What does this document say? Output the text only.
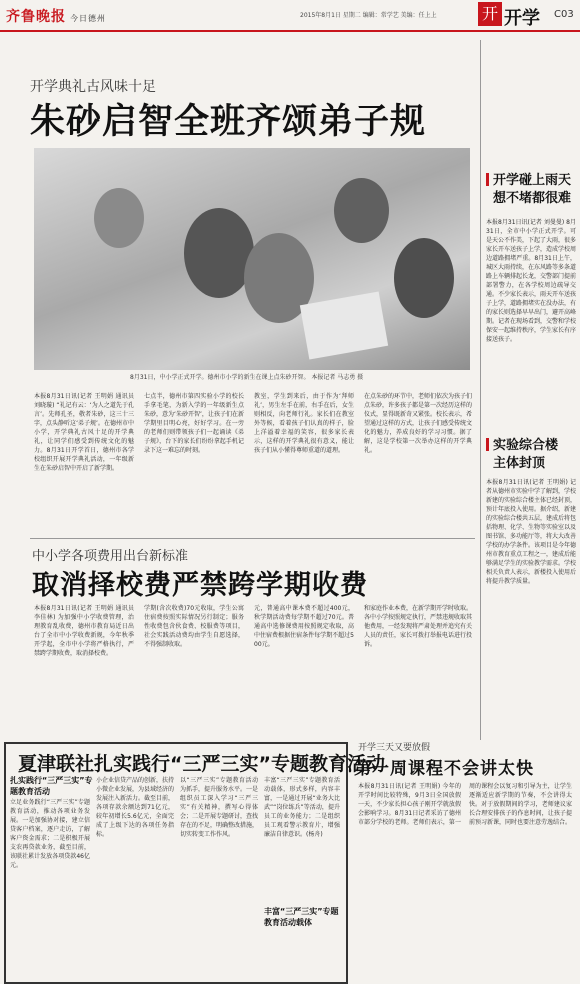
齐鲁晚报 今日德州	2015年8月1日 星期二 编辑：常学艺 美编：任上上	开 开学 C03
开学典礼古风味十足
朱砂启智全班齐颂弟子规
8月31日，中小学正式开学。德州市小学的新生在课上点朱砂开智。 本报记者 马志勇 摄
本报8月31日讯(记者 王明娟 通讯员 刘晓璇) “礼记有云：‘为人之道先于孔言’。先师孔圣，敬者朱砂，这三十三字，点头静听这‘弟子规’。在德州市中小学，开学典礼古风十足的开学典礼，让同学们感受到传统文化的魅力。8月31日开学首日，德州市各学校组织开展开学典礼活动，一年级新生在朱砂启智中开启了新学期。
七点半，德州市第四实验小学的校长手拿毛笔，为新入学的一年级新生点朱砂，意为‘朱砂开智’，让孩子们在新学期里目明心亮，好好学习。在一旁的老师们则带领孩子们一起诵读《弟子规》，台下的家长们纷纷拿起手机记录下这一难忘的时刻。
教室，学生到来后，由于作为‘拜师礼’，男生左手在前，右手在后，女生则相反，向老师行礼。家长们在教室外等候，看着孩子们认真的样子，脸上洋溢着幸福的笑容，很多家长表示，这样的开学典礼很有意义，能让孩子们从小懂得尊师重道的道理。
在点朱砂的环节中，老师们依次为孩子们点朱砂，许多孩子都是第一次经历这样的仪式，显得既新奇又紧张。校长表示，希望通过这样的方式，让孩子们感受传统文化的魅力，养成良好的学习习惯。据了解，这是学校第一次举办这样的开学典礼。
开学碰上雨天
想不堵都很难
本报8月31日讯(记者 刘曼曼) 8月31日，全市中小学正式开学。可是天公不作美，下起了大雨，很多家长开车送孩子上学，造成学校周边道路拥堵严重。8月31日上午，城区大雨持续，在东风路等多条道路上车辆排起长龙，交警部门提前部署警力，在各学校周边疏导交通。不少家长表示，雨天开车送孩子上学，道路拥堵实在没办法，有的家长则选择早早出门，避开高峰期。记者在现场看到，交警和学校保安一起维持秩序，学生家长有序接送孩子。
实验综合楼
主体封顶
本报8月31日讯(记者 王明娟) 记者从德州市实验中学了解到，学校新建的实验综合楼主体已经封顶，预计年底投入使用。据介绍，新建的实验综合楼共五层，建成后将包括物理、化学、生物等实验室以及图书馆、多功能厅等，将大大改善学校的办学条件。该项目是今年德州市教育重点工程之一，建成后能够满足学生的实验教学需求。学校相关负责人表示，新楼投入使用后将提升教学质量。
中小学各项费用出台新标准
取消择校费严禁跨学期收费
本报8月31日讯(记者 王明娟 通讯员 李佳林) 为加强中小学收费管理，治理教育乱收费，德州市教育局近日出台了全市中小学收费新规，今年秋季开学起，全市中小学将严格执行，严禁跨学期收费，取消择校费。
学期(含次收费)70元收取，学生公寓住宿费按照实际情况另行制定；服务性收费包含伙食费、校服费等项目，社会实践活动费均由学生自愿选择，不得强制收取。
元，普通高中课本费不超过400元，秋学期活动费每学期不超过70元。普通高中选修课费用按照规定收取，高中住宿费根据住宿条件每学期不超过500元。
和家庭作业本费，在新学期开学时收取。各中小学按照规定执行，严禁违规收取其他费用，一经发现将严肃处理并追究有关人员的责任，家长可拨打举报电话进行投诉。
夏津联社扎实践行“三严三实”专题教育活动
扎实践行“三严三实”专题教育活动
立足业务践行“三严三实”专题教育活动，推动各项业务发展。一是加强协对接，建立信贷客户档案，逐户走访，了解客户资金需求；二是积极开展支农再贷款业务，截至目前，该联社累计发放各项贷款46亿元。
小企业信贷产品的创新，扶持小微企业发展，为县域经济的发展注入新活力。截至目前，各项存款余额达到71亿元，较年初增长5.6亿元，全面完成了上级下达的各项任务指标。
以“三严三实”专题教育活动为抓手，提升服务水平。一是组织员工深入学习“三严三实”有关精神，撰写心得体会；二是开展专题研讨，查找存在的不足，明确整改措施，切实转变工作作风。
丰富“三严三实”专题教育活动载体
丰富“三严三实”专题教育活动载体，形式多样，内容丰富，一是通过开展“业务大比武”“岗位练兵”等活动，提升员工的业务能力；二是组织员工观看警示教育片，增强廉洁自律意识。(杨舟)
开学三天又要放假
第一周课程不会讲太快
本报8月31日讯(记者 王明娟) 今年的开学时间比较特殊，9月3日全国放假一天，不少家长担心孩子刚开学就放假会影响学习。8月31日记者采访了德州市部分学校的老师。老师们表示，第一周的课程会以复习和引导为主，让学生逐渐适应新学期的节奏，不会讲得太快。对于放假期间的学习，老师建议家长合理安排孩子的作息时间，让孩子提前预习新课，同时也要注意劳逸结合。
